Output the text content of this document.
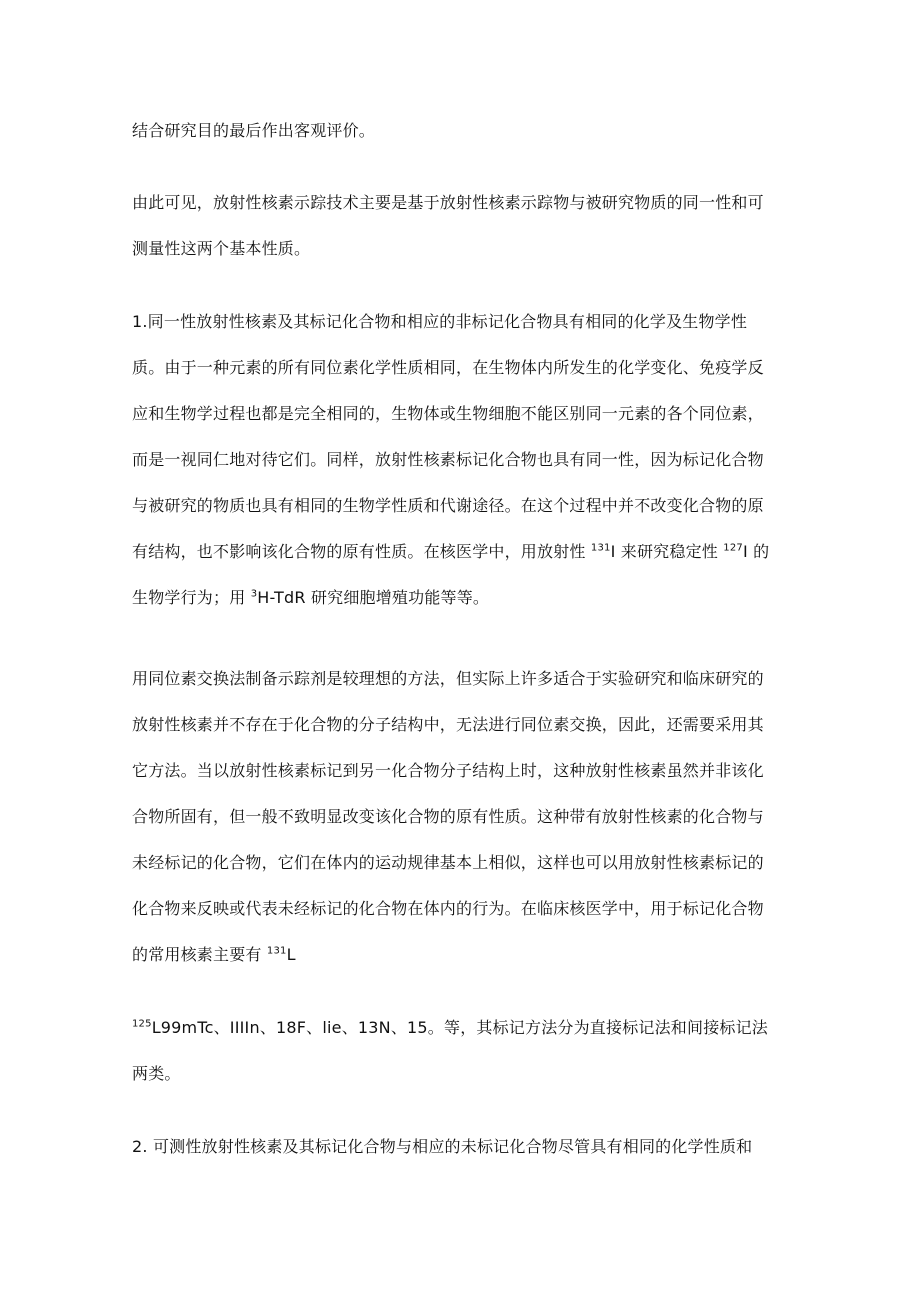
结合研究目的最后作出客观评价。
由此可见，放射性核素示踪技术主要是基于放射性核素示踪物与被研究物质的同一性和可
测量性这两个基本性质。
1.同一性放射性核素及其标记化合物和相应的非标记化合物具有相同的化学及生物学性
质。由于一种元素的所有同位素化学性质相同，在生物体内所发生的化学变化、免疫学反
应和生物学过程也都是完全相同的，生物体或生物细胞不能区别同一元素的各个同位素，
而是一视同仁地对待它们。同样，放射性核素标记化合物也具有同一性，因为标记化合物
与被研究的物质也具有相同的生物学性质和代谢途径。在这个过程中并不改变化合物的原
有结构，也不影响该化合物的原有性质。在核医学中，用放射性 $^{131}$I 来研究稳定性 $^{127}$I 的
生物学行为；用 $^3$H-TdR 研究细胞增殖功能等等。
用同位素交换法制备示踪剂是较理想的方法，但实际上许多适合于实验研究和临床研究的
放射性核素并不存在于化合物的分子结构中，无法进行同位素交换，因此，还需要采用其
它方法。当以放射性核素标记到另一化合物分子结构上时，这种放射性核素虽然并非该化
合物所固有，但一般不致明显改变该化合物的原有性质。这种带有放射性核素的化合物与
未经标记的化合物，它们在体内的运动规律基本上相似，这样也可以用放射性核素标记的
化合物来反映或代表未经标记的化合物在体内的行为。在临床核医学中，用于标记化合物
的常用核素主要有 $^{131}$L
$^{125}$L99mTc、IIIIn、18F、lie、13N、15。等，其标记方法分为直接标记法和间接标记法
两类。
2. 可测性放射性核素及其标记化合物与相应的未标记化合物尽管具有相同的化学性质和
